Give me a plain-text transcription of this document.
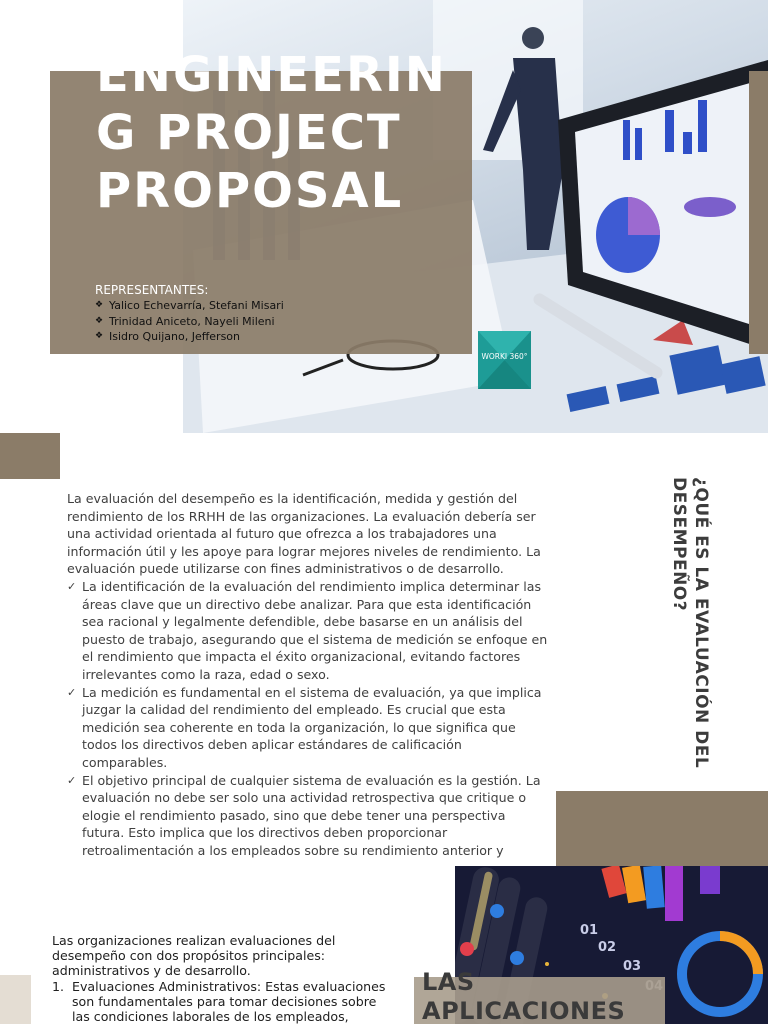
ENGINEERING PROJECT PROPOSAL
REPRESENTANTES:
❖ Yalico Echevarría, Stefani Misari
❖ Trinidad Aniceto, Nayeli Mileni
❖ Isidro Quijano, Jefferson
WORKI 360°

La evaluación del desempeño es la identificación, medida y gestión del rendimiento de los RRHH de las organizaciones. La evaluación debería ser una actividad orientada al futuro que ofrezca a los trabajadores una información útil y les apoye para lograr mejores niveles de rendimiento. La evaluación puede utilizarse con fines administrativos o de desarrollo.

✓ La identificación de la evaluación del rendimiento implica determinar las áreas clave que un directivo debe analizar. Para que esta identificación sea racional y legalmente defendible, debe basarse en un análisis del puesto de trabajo, asegurando que el sistema de medición se enfoque en el rendimiento que impacta el éxito organizacional, evitando factores irrelevantes como la raza, edad o sexo.
✓ La medición es fundamental en el sistema de evaluación, ya que implica juzgar la calidad del rendimiento del empleado. Es crucial que esta medición sea coherente en toda la organización, lo que significa que todos los directivos deben aplicar estándares de calificación comparables.
✓ El objetivo principal de cualquier sistema de evaluación es la gestión. La evaluación no debe ser solo una actividad retrospectiva que critique o elogie el rendimiento pasado, sino que debe tener una perspectiva futura. Esto implica que los directivos deben proporcionar retroalimentación a los empleados sobre su rendimiento anterior y
¿QUÉ ES LA EVALUACIÓN DEL DESEMPEÑO?
01
02
03
LAS APLICACIONES

Las organizaciones realizan evaluaciones del desempeño con dos propósitos principales: administrativos y de desarrollo.

1. Evaluaciones Administrativos: Estas evaluaciones son fundamentales para tomar decisiones sobre las condiciones laborales de los empleados,
